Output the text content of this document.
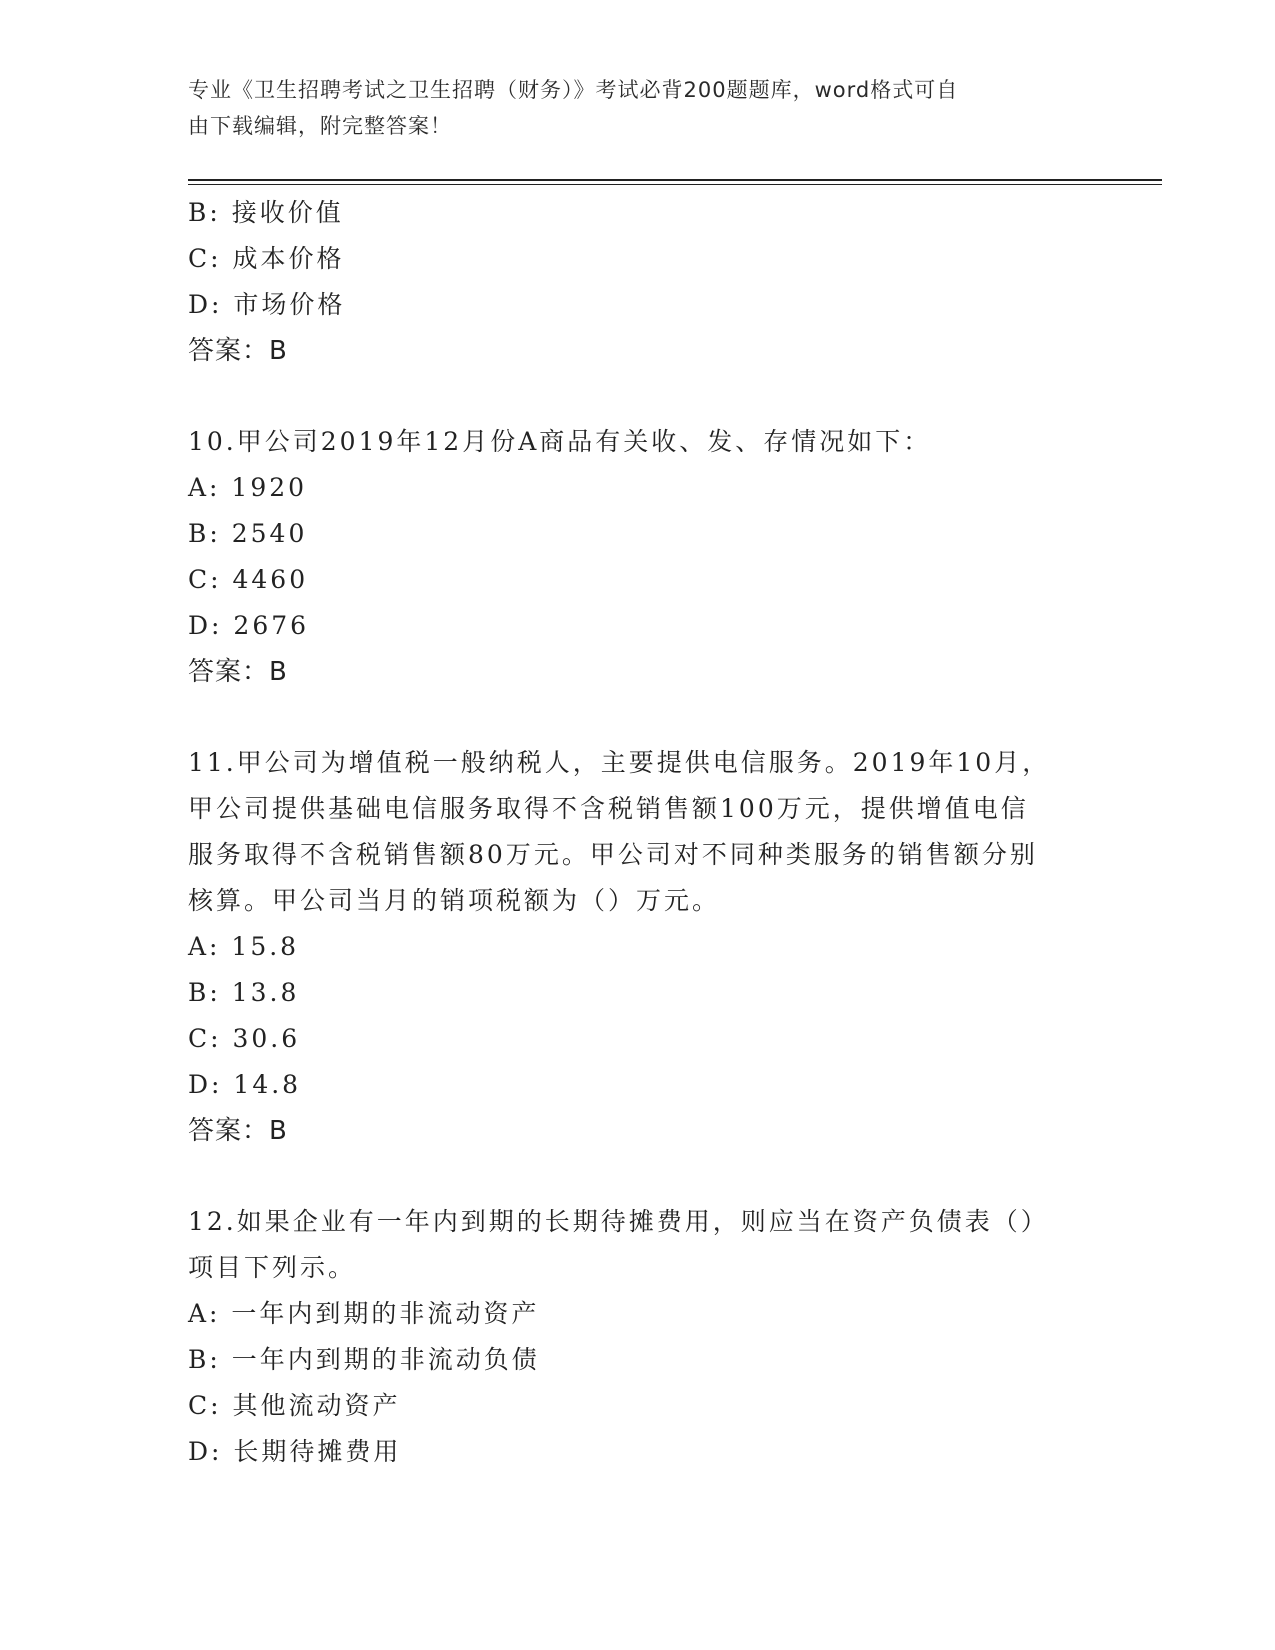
专业《卫生招聘考试之卫生招聘（财务）》考试必背200题题库，word格式可自
由下载编辑，附完整答案！
B: 接收价值
C: 成本价格
D: 市场价格
答案：B
10.甲公司2019年12月份A商品有关收、发、存情况如下：
A: 1920
B: 2540
C: 4460
D: 2676
答案：B
11.甲公司为增值税一般纳税人，主要提供电信服务。2019年10月，
甲公司提供基础电信服务取得不含税销售额100万元，提供增值电信
服务取得不含税销售额80万元。甲公司对不同种类服务的销售额分别
核算。甲公司当月的销项税额为（）万元。
A: 15.8
B: 13.8
C: 30.6
D: 14.8
答案：B
12.如果企业有一年内到期的长期待摊费用，则应当在资产负债表（）
项目下列示。
A: 一年内到期的非流动资产
B: 一年内到期的非流动负债
C: 其他流动资产
D: 长期待摊费用
